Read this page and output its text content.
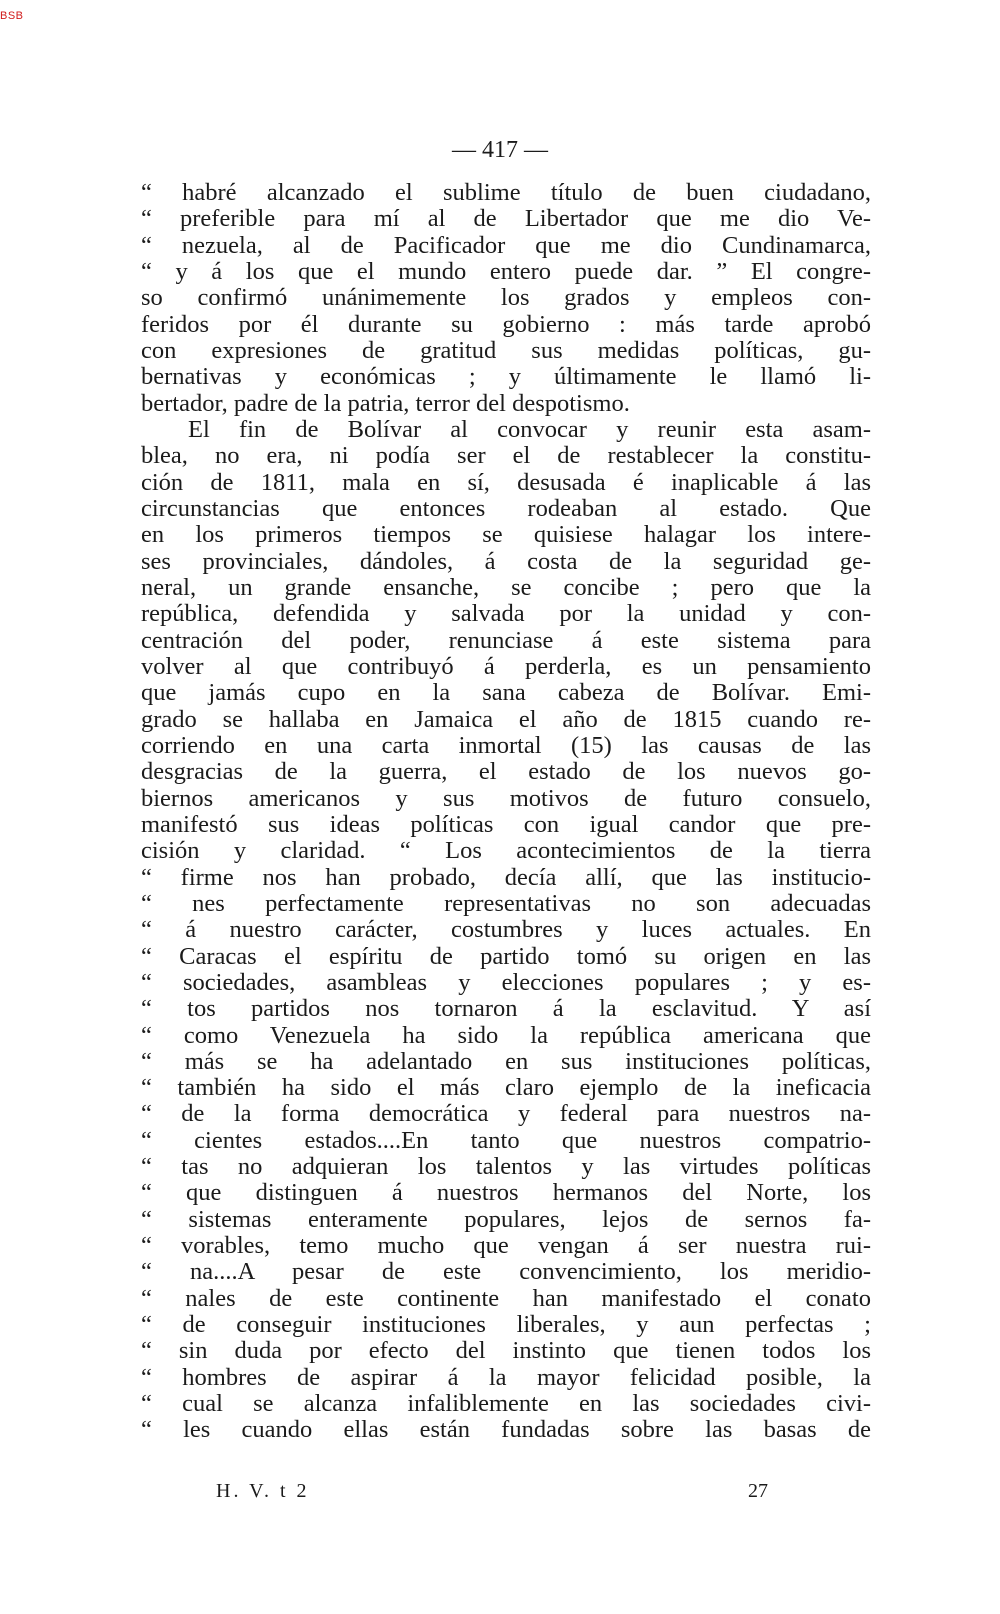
BSB
— 417 —
“ habré alcanzado el sublime título de buen ciudadano,
“ preferible para mí al de Libertador que me dio Ve-
“ nezuela, al de Pacificador que me dio Cundinamarca,
“ y á los que el mundo entero puede dar. ” El congre-
so confirmó unánimemente los grados y empleos con-
feridos por él durante su gobierno : más tarde aprobó
con expresiones de gratitud sus medidas políticas, gu-
bernativas y económicas ; y últimamente le llamó li-
bertador, padre de la patria, terror del despotismo.
El fin de Bolívar al convocar y reunir esta asam-
blea, no era, ni podía ser el de restablecer la constitu-
ción de 1811, mala en sí, desusada é inaplicable á las
circunstancias que entonces rodeaban al estado. Que
en los primeros tiempos se quisiese halagar los intere-
ses provinciales, dándoles, á costa de la seguridad ge-
neral, un grande ensanche, se concibe ; pero que la
república, defendida y salvada por la unidad y con-
centración del poder, renunciase á este sistema para
volver al que contribuyó á perderla, es un pensamiento
que jamás cupo en la sana cabeza de Bolívar. Emi-
grado se hallaba en Jamaica el año de 1815 cuando re-
corriendo en una carta inmortal (15) las causas de las
desgracias de la guerra, el estado de los nuevos go-
biernos americanos y sus motivos de futuro consuelo,
manifestó sus ideas políticas con igual candor que pre-
cisión y claridad. “ Los acontecimientos de la tierra
“ firme nos han probado, decía allí, que las institucio-
“ nes perfectamente representativas no son adecuadas
“ á nuestro carácter, costumbres y luces actuales. En
“ Caracas el espíritu de partido tomó su origen en las
“ sociedades, asambleas y elecciones populares ; y es-
“ tos partidos nos tornaron á la esclavitud. Y así
“ como Venezuela ha sido la república americana que
“ más se ha adelantado en sus instituciones políticas,
“ también ha sido el más claro ejemplo de la ineficacia
“ de la forma democrática y federal para nuestros na-
“ cientes estados....En tanto que nuestros compatrio-
“ tas no adquieran los talentos y las virtudes políticas
“ que distinguen á nuestros hermanos del Norte, los
“ sistemas enteramente populares, lejos de sernos fa-
“ vorables, temo mucho que vengan á ser nuestra rui-
“ na....A pesar de este convencimiento, los meridio-
“ nales de este continente han manifestado el conato
“ de conseguir instituciones liberales, y aun perfectas ;
“ sin duda por efecto del instinto que tienen todos los
“ hombres de aspirar á la mayor felicidad posible, la
“ cual se alcanza infaliblemente en las sociedades civi-
“ les cuando ellas están fundadas sobre las basas de
H. V. t 2	27
